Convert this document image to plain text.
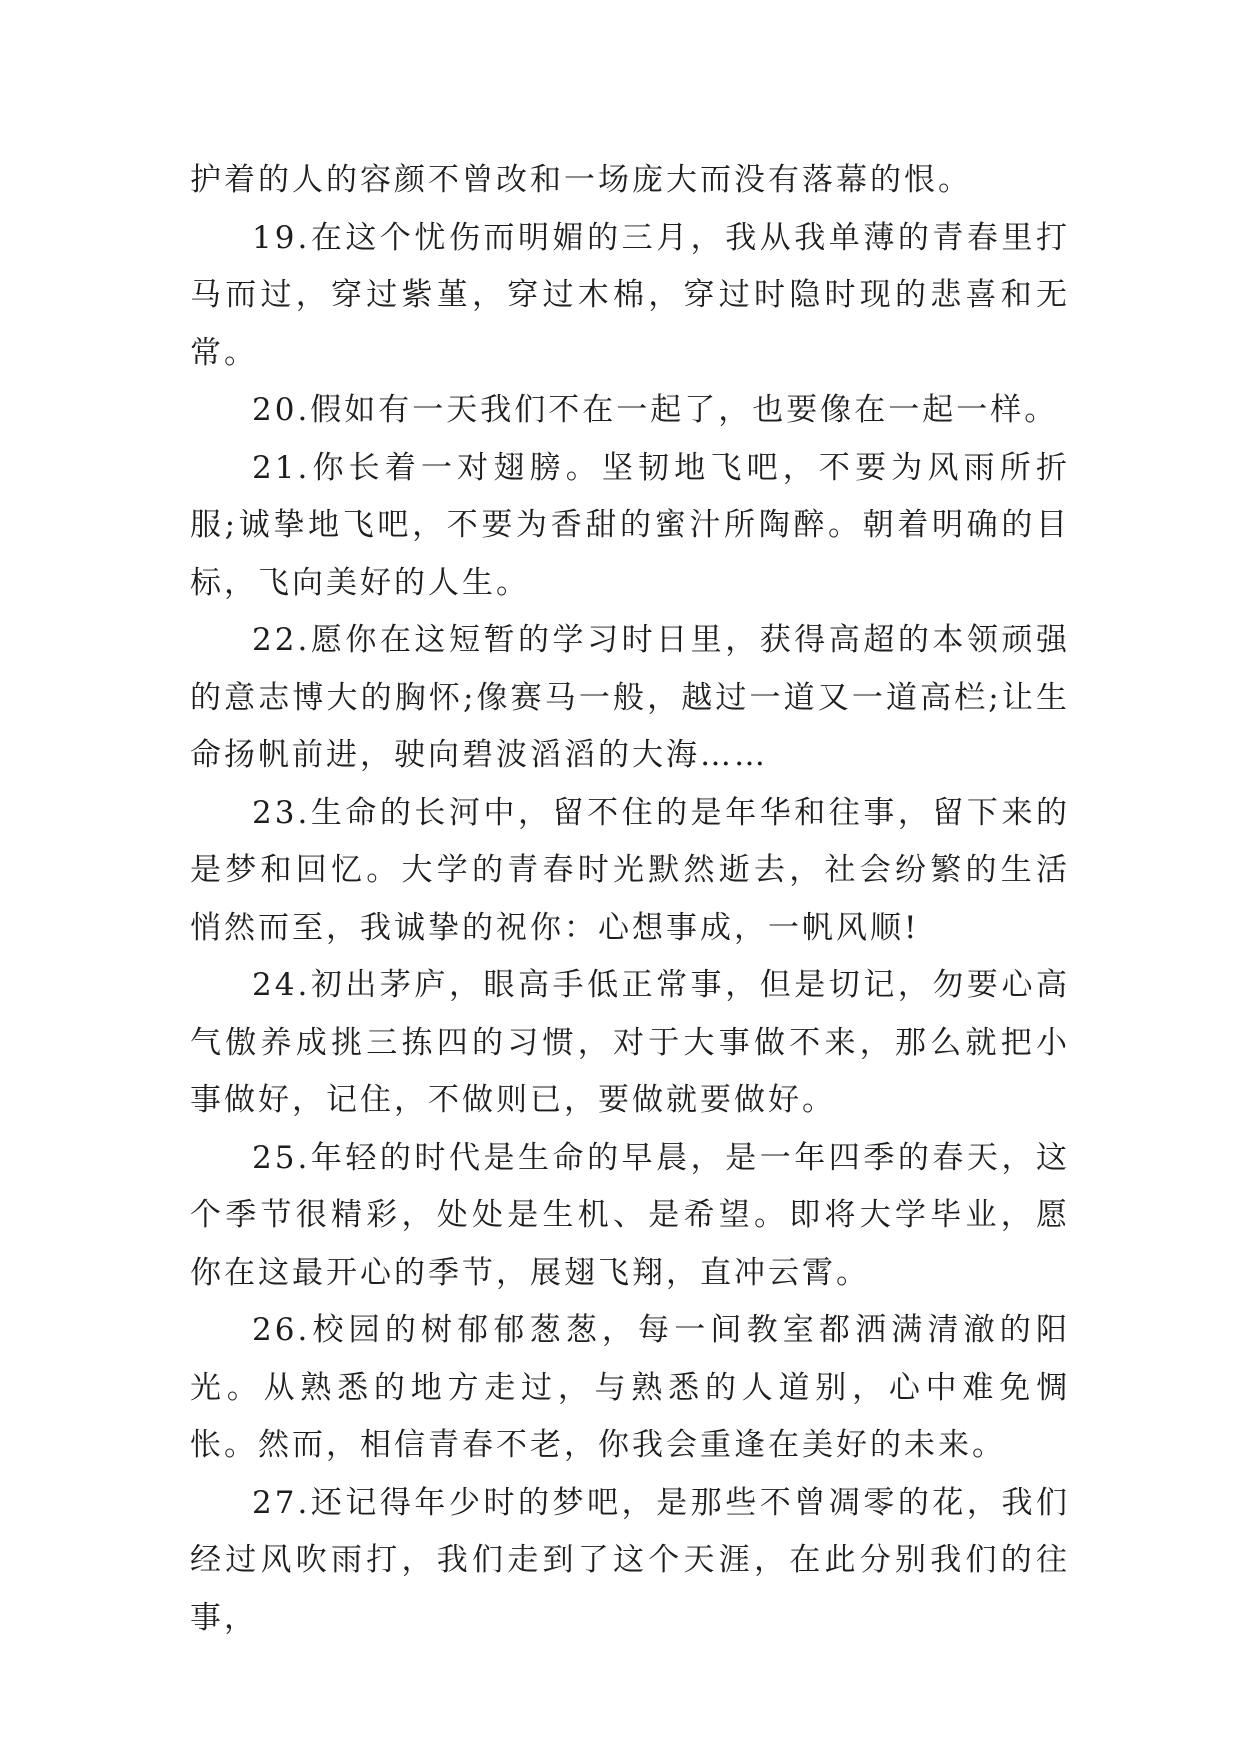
护着的人的容颜不曾改和一场庞大而没有落幕的恨。

19.在这个忧伤而明媚的三月，我从我单薄的青春里打马而过，穿过紫堇，穿过木棉，穿过时隐时现的悲喜和无常。

20.假如有一天我们不在一起了，也要像在一起一样。

21.你长着一对翅膀。坚韧地飞吧，不要为风雨所折服;诚挚地飞吧，不要为香甜的蜜汁所陶醉。朝着明确的目标，飞向美好的人生。

22.愿你在这短暂的学习时日里，获得高超的本领顽强的意志博大的胸怀;像赛马一般，越过一道又一道高栏;让生命扬帆前进，驶向碧波滔滔的大海……

23.生命的长河中，留不住的是年华和往事，留下来的是梦和回忆。大学的青春时光默然逝去，社会纷繁的生活悄然而至，我诚挚的祝你：心想事成，一帆风顺!

24.初出茅庐，眼高手低正常事，但是切记，勿要心高气傲养成挑三拣四的习惯，对于大事做不来，那么就把小事做好，记住，不做则已，要做就要做好。

25.年轻的时代是生命的早晨，是一年四季的春天，这个季节很精彩，处处是生机、是希望。即将大学毕业，愿你在这最开心的季节，展翅飞翔，直冲云霄。

26.校园的树郁郁葱葱，每一间教室都洒满清澈的阳光。从熟悉的地方走过，与熟悉的人道别，心中难免惆怅。然而，相信青春不老，你我会重逢在美好的未来。

27.还记得年少时的梦吧，是那些不曾凋零的花，我们经过风吹雨打，我们走到了这个天涯，在此分别我们的往事，
